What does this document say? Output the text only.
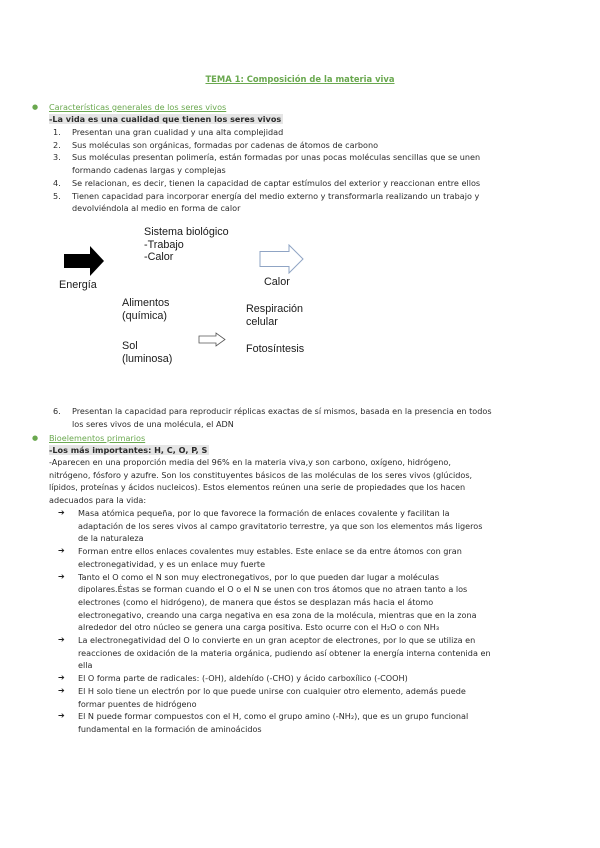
TEMA 1: Composición de la materia viva
● Características generales de los seres vivos
-La vida es una cualidad que tienen los seres vivos
1. Presentan una gran cualidad y una alta complejidad
2. Sus moléculas son orgánicas, formadas por cadenas de átomos de carbono
3. Sus moléculas presentan polimería, están formadas por unas pocas moléculas sencillas que se unen
formando cadenas largas y complejas
4. Se relacionan, es decir, tienen la capacidad de captar estímulos del exterior y reaccionan entre ellos
5. Tienen capacidad para incorporar energía del medio externo y transformarla realizando un trabajo y
devolviéndola al medio en forma de calor
Energía
Sistema biológico
-Trabajo
-Calor
Calor
Alimentos
(química)
Respiración
celular
Sol
(luminosa)
Fotosíntesis
6. Presentan la capacidad para reproducir réplicas exactas de sí mismos, basada en la presencia en todos
los seres vivos de una molécula, el ADN
● Bioelementos primarios
-Los más importantes: H, C, O, P, S
-Aparecen en una proporción media del 96% en la materia viva,y son carbono, oxígeno, hidrógeno,
nitrógeno, fósforo y azufre. Son los constituyentes básicos de las moléculas de los seres vivos (glúcidos,
lípidos, proteínas y ácidos nucleicos). Estos elementos reúnen una serie de propiedades que los hacen
adecuados para la vida:
➔ Masa atómica pequeña, por lo que favorece la formación de enlaces covalente y facilitan la
adaptación de los seres vivos al campo gravitatorio terrestre, ya que son los elementos más ligeros
de la naturaleza
➔ Forman entre ellos enlaces covalentes muy estables. Este enlace se da entre átomos con gran
electronegatividad, y es un enlace muy fuerte
➔ Tanto el O como el N son muy electronegativos, por lo que pueden dar lugar a moléculas
dipolares.Éstas se forman cuando el O o el N se unen con tros átomos que no atraen tanto a los
electrones (como el hidrógeno), de manera que éstos se desplazan más hacia el átomo
electronegativo, creando una carga negativa en esa zona de la molécula, mientras que en la zona
alrededor del otro núcleo se genera una carga positiva. Esto ocurre con el H₂O o con NH₃
➔ La electronegatividad del O lo convierte en un gran aceptor de electrones, por lo que se utiliza en
reacciones de oxidación de la materia orgánica, pudiendo así obtener la energía interna contenida en
ella
➔ El O forma parte de radicales: (-OH), aldehído (-CHO) y ácido carboxílico (-COOH)
➔ El H solo tiene un electrón por lo que puede unirse con cualquier otro elemento, además puede
formar puentes de hidrógeno
➔ El N puede formar compuestos con el H, como el grupo amino (-NH₂), que es un grupo funcional
fundamental en la formación de aminoácidos
